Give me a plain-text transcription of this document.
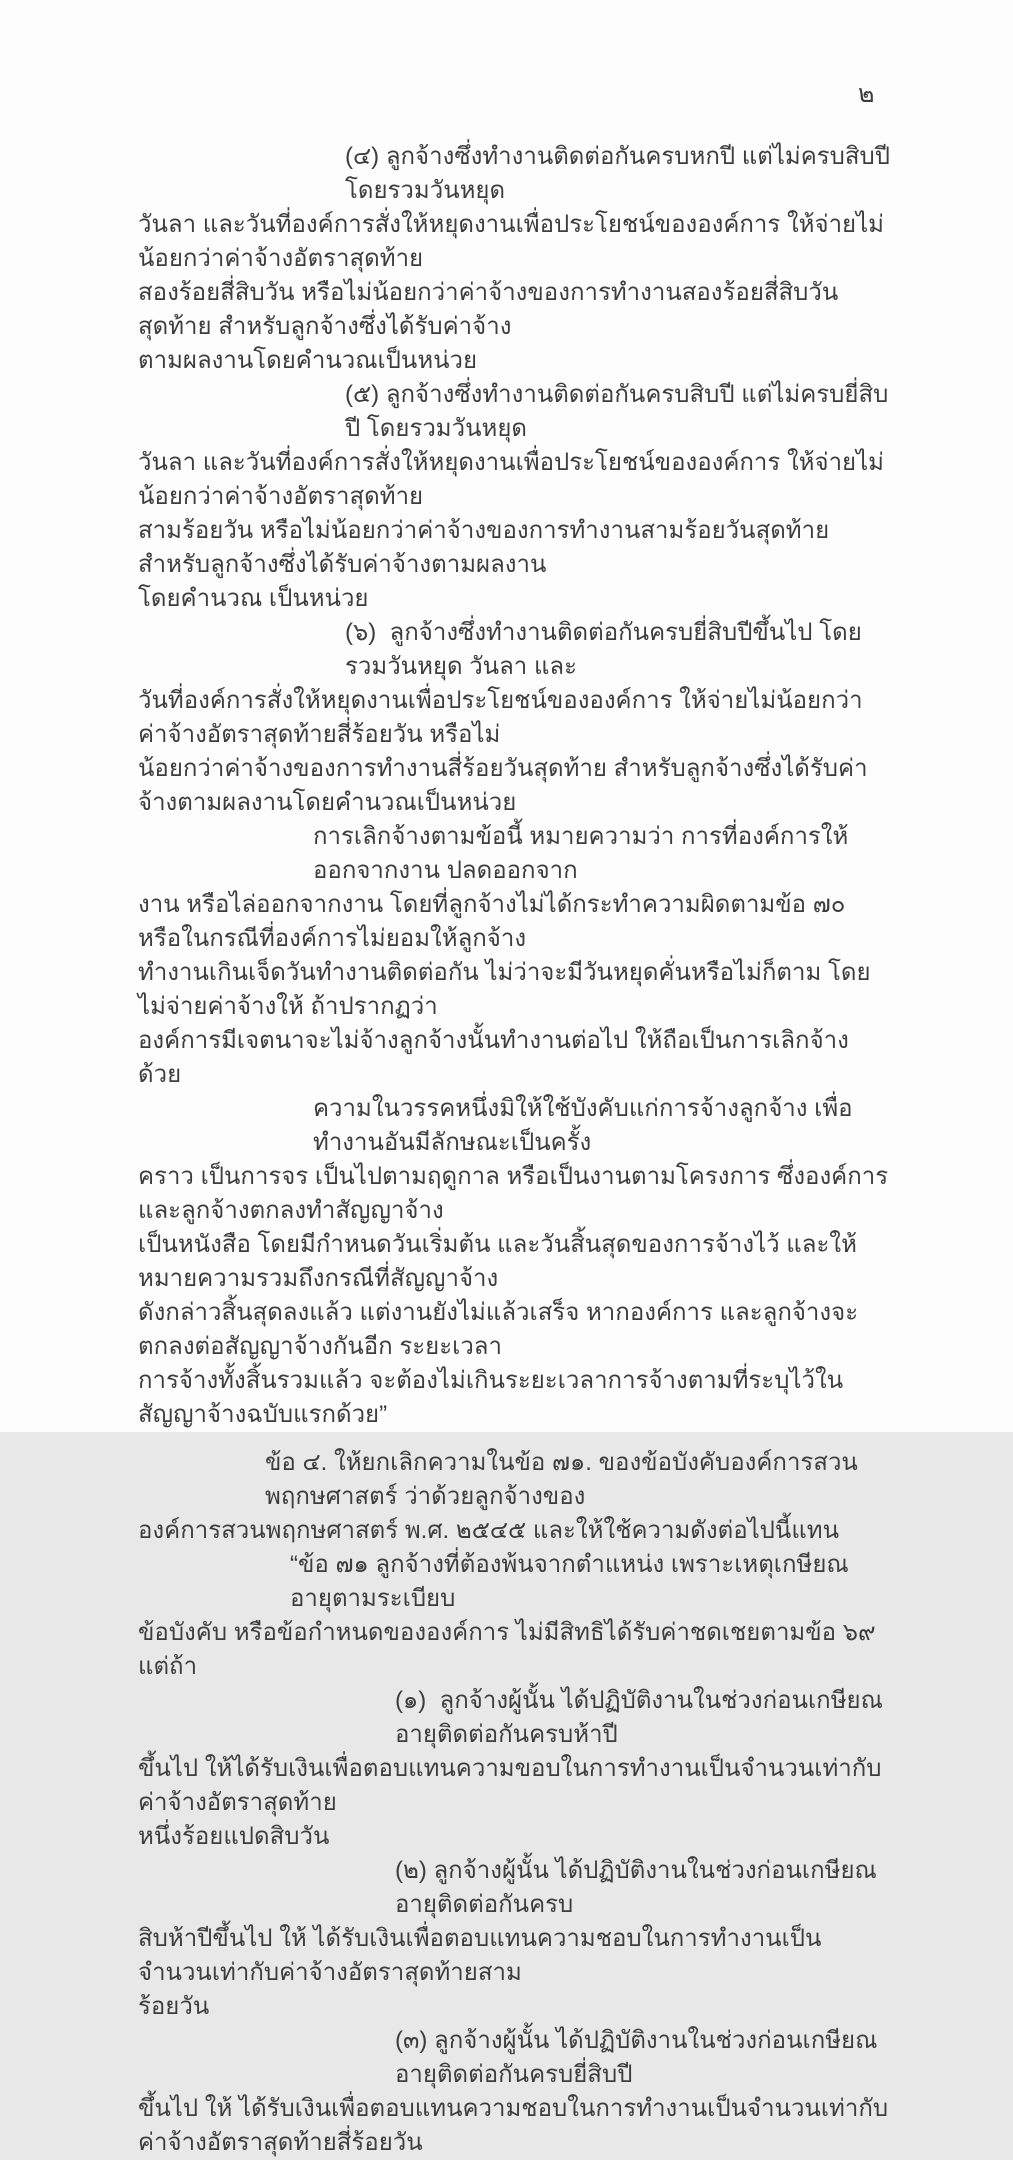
๒
(๔) ลูกจ้างซึ่งทำงานติดต่อกันครบหกปี แต่ไม่ครบสิบปี โดยรวมวันหยุด
วันลา และวันที่องค์การสั่งให้หยุดงานเพื่อประโยชน์ขององค์การ ให้จ่ายไม่น้อยกว่าค่าจ้างอัตราสุดท้าย
สองร้อยสี่สิบวัน หรือไม่น้อยกว่าค่าจ้างของการทำงานสองร้อยสี่สิบวันสุดท้าย สำหรับลูกจ้างซึ่งได้รับค่าจ้าง
ตามผลงานโดยคำนวณเป็นหน่วย
(๕) ลูกจ้างซึ่งทำงานติดต่อกันครบสิบปี แต่ไม่ครบยี่สิบปี โดยรวมวันหยุด
วันลา และวันที่องค์การสั่งให้หยุดงานเพื่อประโยชน์ขององค์การ ให้จ่ายไม่น้อยกว่าค่าจ้างอัตราสุดท้าย
สามร้อยวัน หรือไม่น้อยกว่าค่าจ้างของการทำงานสามร้อยวันสุดท้าย สำหรับลูกจ้างซึ่งได้รับค่าจ้างตามผลงาน
โดยคำนวณ เป็นหน่วย
(๖)  ลูกจ้างซึ่งทำงานติดต่อกันครบยี่สิบปีขึ้นไป โดยรวมวันหยุด วันลา และ
วันที่องค์การสั่งให้หยุดงานเพื่อประโยชน์ขององค์การ ให้จ่ายไม่น้อยกว่าค่าจ้างอัตราสุดท้ายสี่ร้อยวัน หรือไม่
น้อยกว่าค่าจ้างของการทำงานสี่ร้อยวันสุดท้าย สำหรับลูกจ้างซึ่งได้รับค่าจ้างตามผลงานโดยคำนวณเป็นหน่วย
การเลิกจ้างตามข้อนี้ หมายความว่า การที่องค์การให้ออกจากงาน ปลดออกจาก
งาน หรือไล่ออกจากงาน โดยที่ลูกจ้างไม่ได้กระทำความผิดตามข้อ ๗๐ หรือในกรณีที่องค์การไม่ยอมให้ลูกจ้าง
ทำงานเกินเจ็ดวันทำงานติดต่อกัน ไม่ว่าจะมีวันหยุดคั่นหรือไม่ก็ตาม โดยไม่จ่ายค่าจ้างให้ ถ้าปรากฏว่า
องค์การมีเจตนาจะไม่จ้างลูกจ้างนั้นทำงานต่อไป ให้ถือเป็นการเลิกจ้างด้วย
ความในวรรคหนึ่งมิให้ใช้บังคับแก่การจ้างลูกจ้าง เพื่อทำงานอันมีลักษณะเป็นครั้ง
คราว เป็นการจร เป็นไปตามฤดูกาล หรือเป็นงานตามโครงการ ซึ่งองค์การ และลูกจ้างตกลงทำสัญญาจ้าง
เป็นหนังสือ โดยมีกำหนดวันเริ่มต้น และวันสิ้นสุดของการจ้างไว้ และให้หมายความรวมถึงกรณีที่สัญญาจ้าง
ดังกล่าวสิ้นสุดลงแล้ว แต่งานยังไม่แล้วเสร็จ หากองค์การ และลูกจ้างจะตกลงต่อสัญญาจ้างกันอีก ระยะเวลา
การจ้างทั้งสิ้นรวมแล้ว จะต้องไม่เกินระยะเวลาการจ้างตามที่ระบุไว้ในสัญญาจ้างฉบับแรกด้วย”
ข้อ ๔. ให้ยกเลิกความในข้อ ๗๑. ของข้อบังคับองค์การสวนพฤกษศาสตร์ ว่าด้วยลูกจ้างของ
องค์การสวนพฤกษศาสตร์ พ.ศ. ๒๕๔๕ และให้ใช้ความดังต่อไปนี้แทน
“ข้อ ๗๑ ลูกจ้างที่ต้องพ้นจากตำแหน่ง เพราะเหตุเกษียณอายุตามระเบียบ
ข้อบังคับ หรือข้อกำหนดขององค์การ ไม่มีสิทธิได้รับค่าชดเชยตามข้อ ๖๙ แต่ถ้า
(๑)  ลูกจ้างผู้นั้น ได้ปฏิบัติงานในช่วงก่อนเกษียณอายุติดต่อกันครบห้าปี
ขึ้นไป ให้ได้รับเงินเพื่อตอบแทนความขอบในการทำงานเป็นจำนวนเท่ากับค่าจ้างอัตราสุดท้าย
หนึ่งร้อยแปดสิบวัน
(๒) ลูกจ้างผู้นั้น ได้ปฏิบัติงานในช่วงก่อนเกษียณอายุติดต่อกันครบ
สิบห้าปีขึ้นไป ให้ ได้รับเงินเพื่อตอบแทนความชอบในการทำงานเป็นจำนวนเท่ากับค่าจ้างอัตราสุดท้ายสาม
ร้อยวัน
(๓) ลูกจ้างผู้นั้น ได้ปฏิบัติงานในช่วงก่อนเกษียณอายุติดต่อกันครบยี่สิบปี
ขึ้นไป ให้ ได้รับเงินเพื่อตอบแทนความชอบในการทำงานเป็นจำนวนเท่ากับค่าจ้างอัตราสุดท้ายสี่ร้อยวัน
